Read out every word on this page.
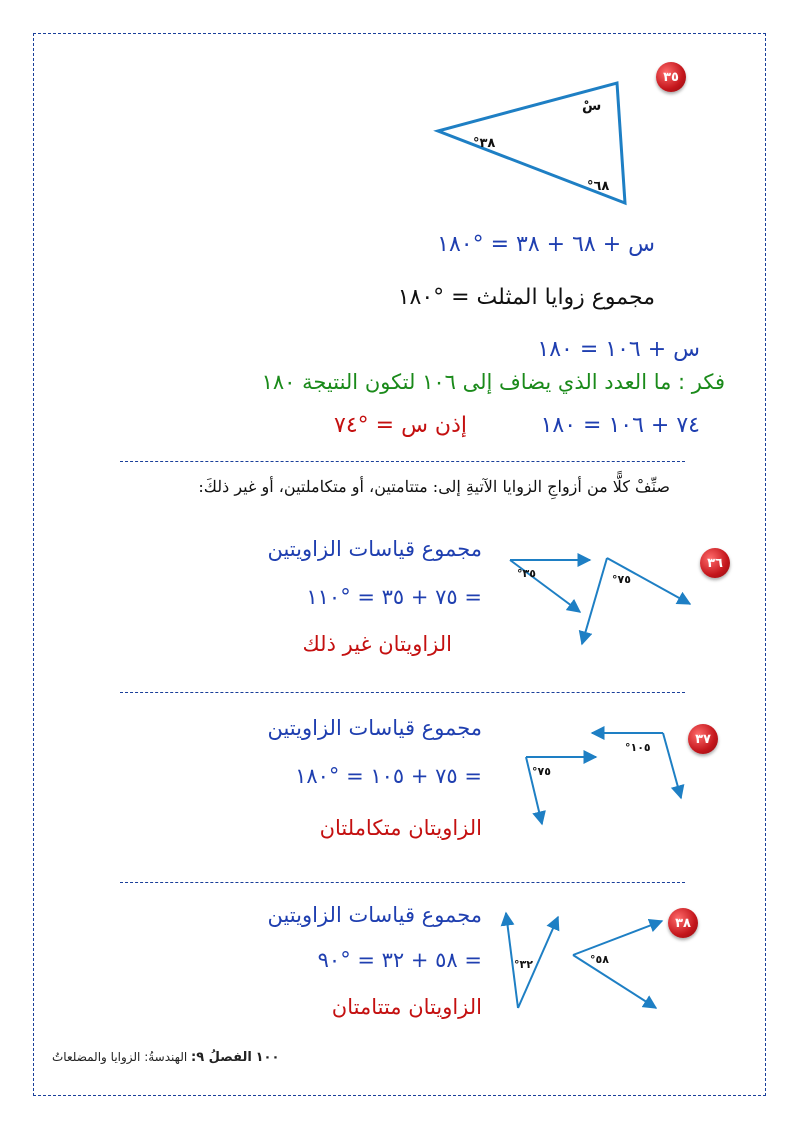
٣٥
سْ
°٣٨
°٦٨
°٣٥	°٧٥
°٧٥
°١٠٥
°٣٢	°٥٨
س + ٦٨ + ٣٨ = °١٨٠
مجموع زوايا المثلث = °١٨٠
س + ١٠٦ = ١٨٠
فكر : ما العدد الذي يضاف إلى ١٠٦ لتكون النتيجة ١٨٠
٧٤ + ١٠٦ = ١٨٠
إذن س = °٧٤
صنِّفْ كلًّا من أزواجِ الزوايا الآتيةِ إلى: متتامتين، أو متكاملتين، أو غير ذلكَ:
٣٦
مجموع قياسات الزاويتين
= ٧٥ + ٣٥ = °١١٠
الزاويتان غير ذلك
٣٧
مجموع قياسات الزاويتين
= ٧٥ + ١٠٥ = °١٨٠
الزاويتان متكاملتان
٣٨
مجموع قياسات الزاويتين
= ٥٨ + ٣٢ = °٩٠
الزاويتان متتامتان
١٠٠ الفصلُ ٩: الهندسةُ: الزوايا والمضلعاتُ
